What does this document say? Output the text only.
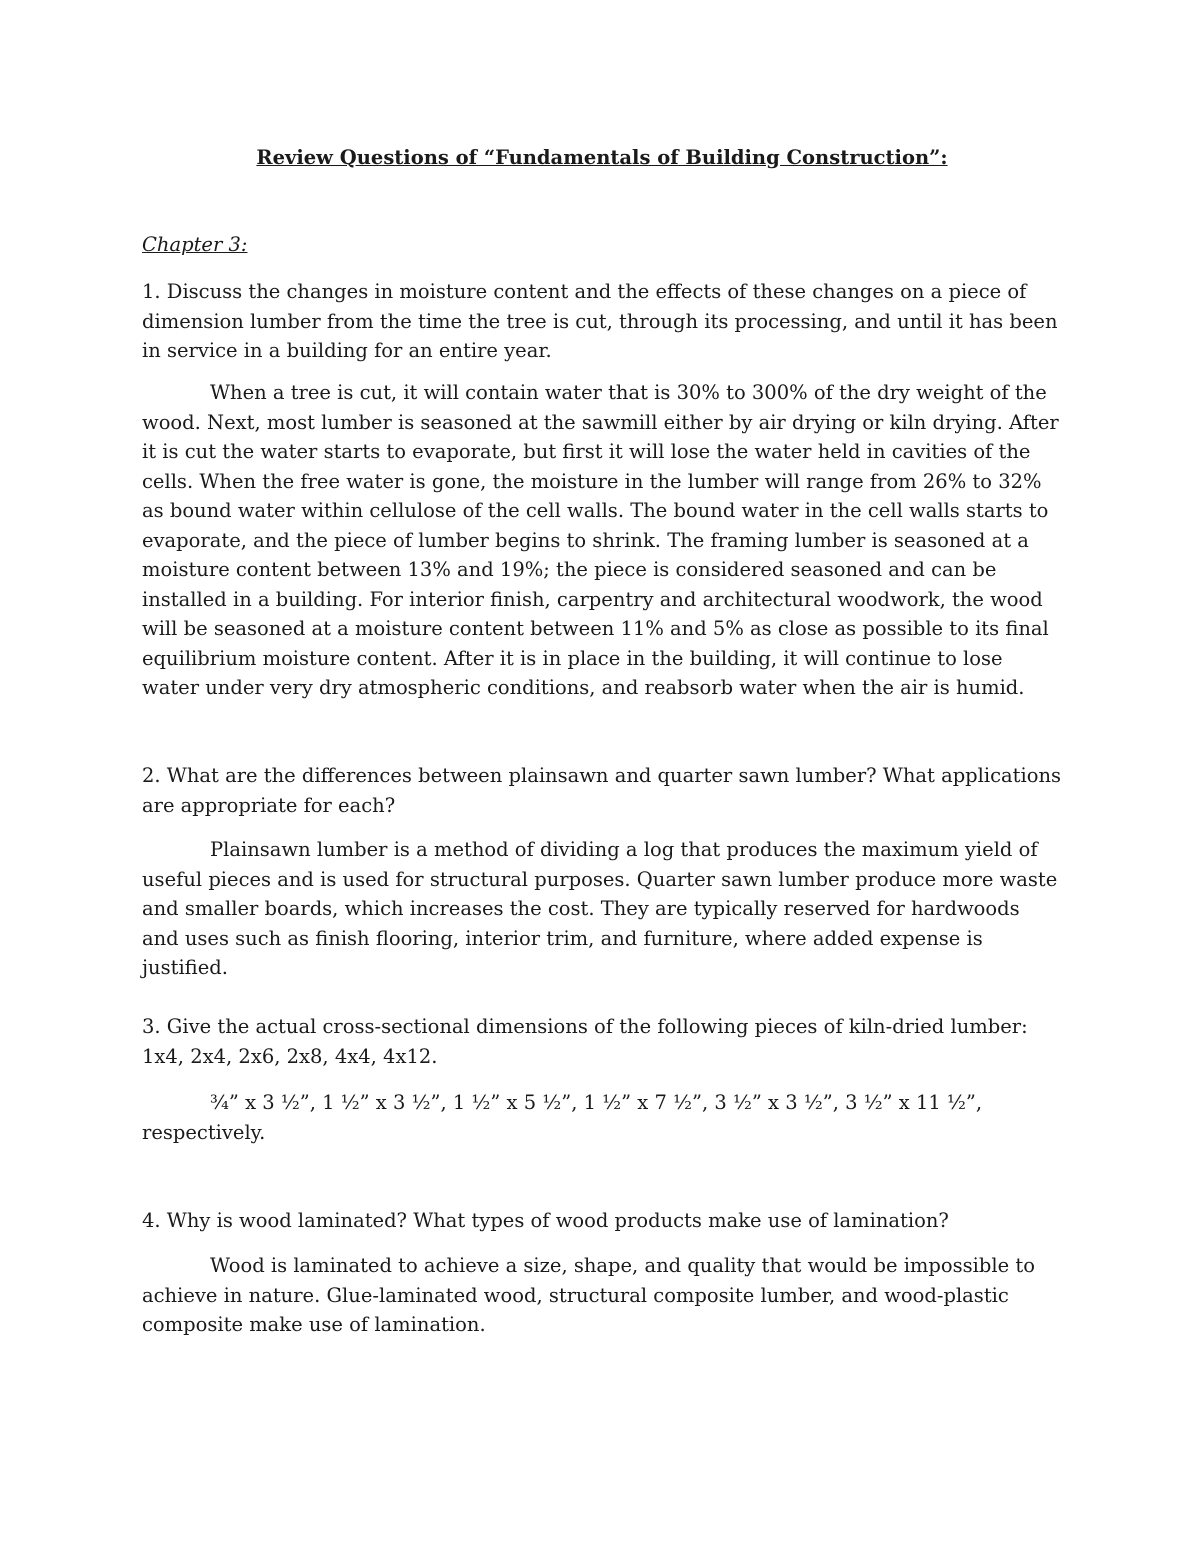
Review Questions of “Fundamentals of Building Construction”:

Chapter 3:

1. Discuss the changes in moisture content and the effects of these changes on a piece of dimension lumber from the time the tree is cut, through its processing, and until it has been in service in a building for an entire year.

When a tree is cut, it will contain water that is 30% to 300% of the dry weight of the wood. Next, most lumber is seasoned at the sawmill either by air drying or kiln drying. After it is cut the water starts to evaporate, but first it will lose the water held in cavities of the cells. When the free water is gone, the moisture in the lumber will range from 26% to 32% as bound water within cellulose of the cell walls. The bound water in the cell walls starts to evaporate, and the piece of lumber begins to shrink. The framing lumber is seasoned at a moisture content between 13% and 19%; the piece is considered seasoned and can be installed in a building. For interior finish, carpentry and architectural woodwork, the wood will be seasoned at a moisture content between 11% and 5% as close as possible to its final equilibrium moisture content. After it is in place in the building, it will continue to lose water under very dry atmospheric conditions, and reabsorb water when the air is humid.

2. What are the differences between plainsawn and quarter sawn lumber? What applications are appropriate for each?

Plainsawn lumber is a method of dividing a log that produces the maximum yield of useful pieces and is used for structural purposes. Quarter sawn lumber produce more waste and smaller boards, which increases the cost. They are typically reserved for hardwoods and uses such as finish flooring, interior trim, and furniture, where added expense is justified.

3. Give the actual cross-sectional dimensions of the following pieces of kiln-dried lumber: 1x4, 2x4, 2x6, 2x8, 4x4, 4x12.

¾” x 3 ½”, 1 ½” x 3 ½”, 1 ½” x 5 ½”, 1 ½” x 7 ½”, 3 ½” x 3 ½”, 3 ½” x 11 ½”, respectively.

4. Why is wood laminated? What types of wood products make use of lamination?

Wood is laminated to achieve a size, shape, and quality that would be impossible to achieve in nature. Glue-laminated wood, structural composite lumber, and wood-plastic composite make use of lamination.
